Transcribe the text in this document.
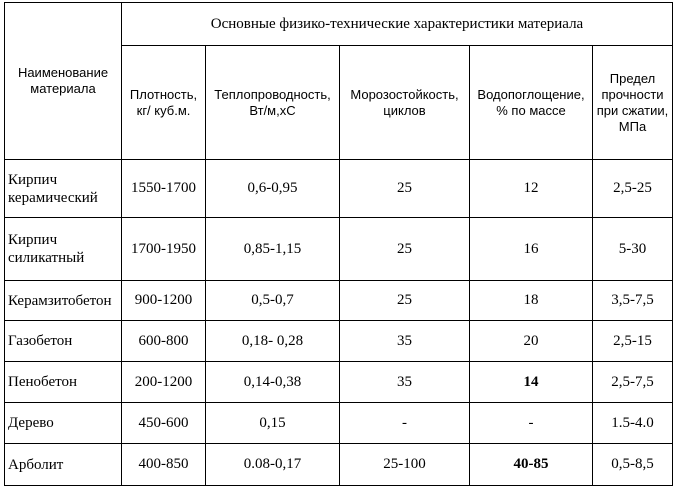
Наименование материала	Основные физико-технические характеристики материала				
	Плотность, кг/ куб.м.	Теплопроводность, Вт/м,хС	Морозостойкость, циклов	Водопоглощение, % по массе	Предел прочности при сжатии, МПа
Кирпич керамический	1550-1700	0,6-0,95	25	12	2,5-25
Кирпич силикатный	1700-1950	0,85-1,15	25	16	5-30
Керамзитобетон	900-1200	0,5-0,7	25	18	3,5-7,5
Газобетон	600-800	0,18- 0,28	35	20	2,5-15
Пенобетон	200-1200	0,14-0,38	35	14	2,5-7,5
Дерево	450-600	0,15	-	-	1.5-4.0
Арболит	400-850	0.08-0,17	25-100	40-85	0,5-8,5
